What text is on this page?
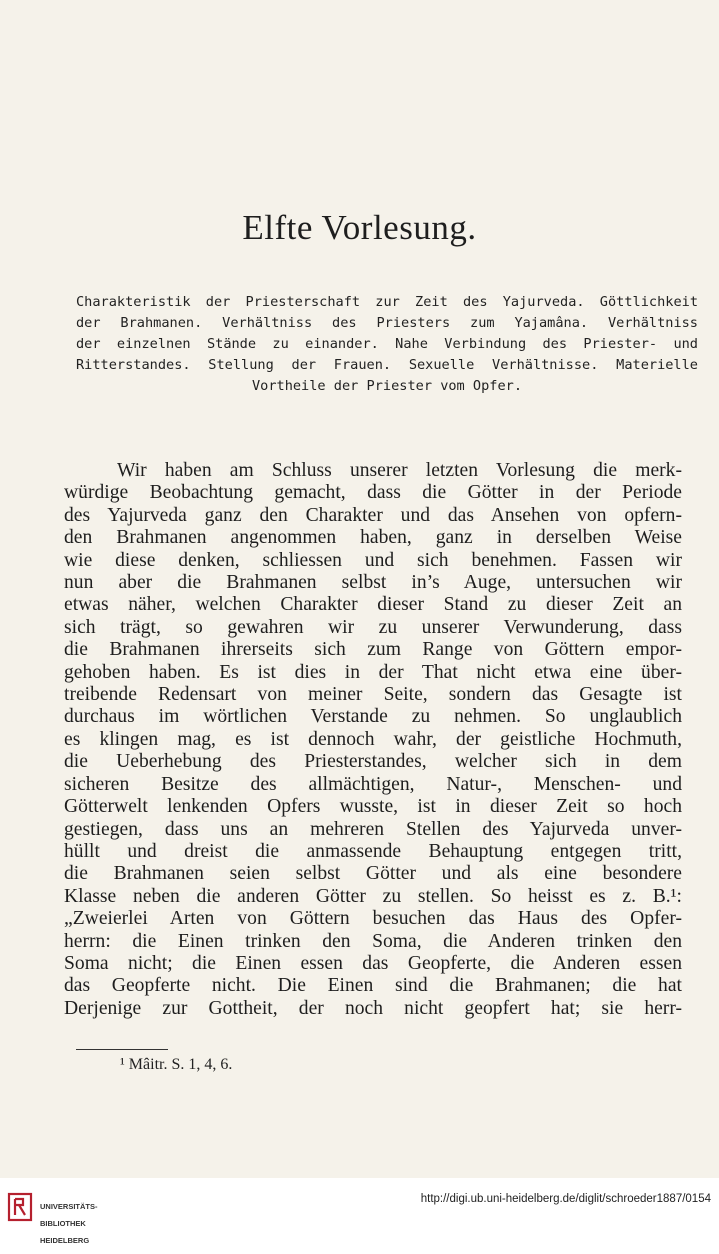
Elfte Vorlesung.
Charakteristik der Priesterschaft zur Zeit des Yajurveda. Göttlichkeit
der Brahmanen. Verhältniss des Priesters zum Yajamâna. Verhältniss
der einzelnen Stände zu einander. Nahe Verbindung des Priester- und
Ritterstandes. Stellung der Frauen. Sexuelle Verhältnisse. Materielle
Vortheile der Priester vom Opfer.
Wir haben am Schluss unserer letzten Vorlesung die merk-
würdige Beobachtung gemacht, dass die Götter in der Periode
des Yajurveda ganz den Charakter und das Ansehen von opfern-
den Brahmanen angenommen haben, ganz in derselben Weise
wie diese denken, schliessen und sich benehmen. Fassen wir
nun aber die Brahmanen selbst in’s Auge, untersuchen wir
etwas näher, welchen Charakter dieser Stand zu dieser Zeit an
sich trägt, so gewahren wir zu unserer Verwunderung, dass
die Brahmanen ihrerseits sich zum Range von Göttern empor-
gehoben haben. Es ist dies in der That nicht etwa eine über-
treibende Redensart von meiner Seite, sondern das Gesagte ist
durchaus im wörtlichen Verstande zu nehmen. So unglaublich
es klingen mag, es ist dennoch wahr, der geistliche Hochmuth,
die Ueberhebung des Priesterstandes, welcher sich in dem
sicheren Besitze des allmächtigen, Natur-, Menschen- und
Götterwelt lenkenden Opfers wusste, ist in dieser Zeit so hoch
gestiegen, dass uns an mehreren Stellen des Yajurveda unver-
hüllt und dreist die anmassende Behauptung entgegen tritt,
die Brahmanen seien selbst Götter und als eine besondere
Klasse neben die anderen Götter zu stellen. So heisst es z. B.¹:
„Zweierlei Arten von Göttern besuchen das Haus des Opfer-
herrn: die Einen trinken den Soma, die Anderen trinken den
Soma nicht; die Einen essen das Geopferte, die Anderen essen
das Geopferte nicht. Die Einen sind die Brahmanen; die hat
Derjenige zur Gottheit, der noch nicht geopfert hat; sie herr-
¹ Mâitr. S. 1, 4, 6.

UNIVERSITÄTS-

BIBLIOTHEK

HEIDELBERG

http://digi.ub.uni-heidelberg.de/diglit/schroeder1887/0154
